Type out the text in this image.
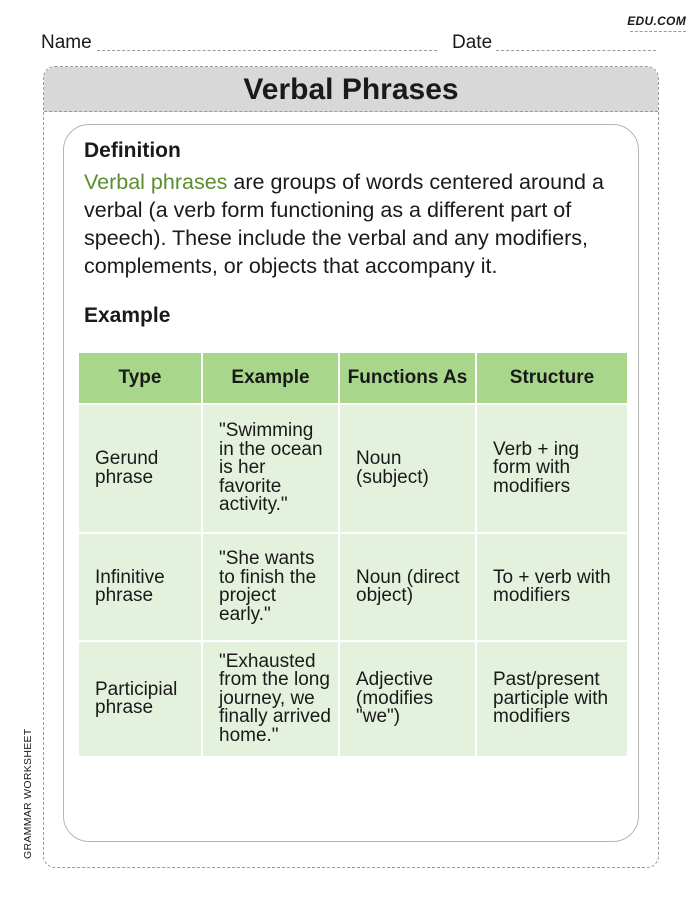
EDU.COM
Name	Date
Verbal Phrases
Definition
Verbal phrases are groups of words centered around a verbal (a verb form functioning as a different part of speech). These include the verbal and any modifiers, complements, or objects that accompany it.
Example
Type	Example	Functions As	Structure
Gerund phrase	"Swimming in the ocean is her favorite activity."	Noun (subject)	Verb + ing form with modifiers
Infinitive phrase	"She wants to finish the project early."	Noun (direct object)	To + verb with modifiers
Participial phrase	"Exhausted from the long journey, we finally arrived home."	Adjective (modifies "we")	Past/present participle with modifiers
GRAMMAR WORKSHEET
